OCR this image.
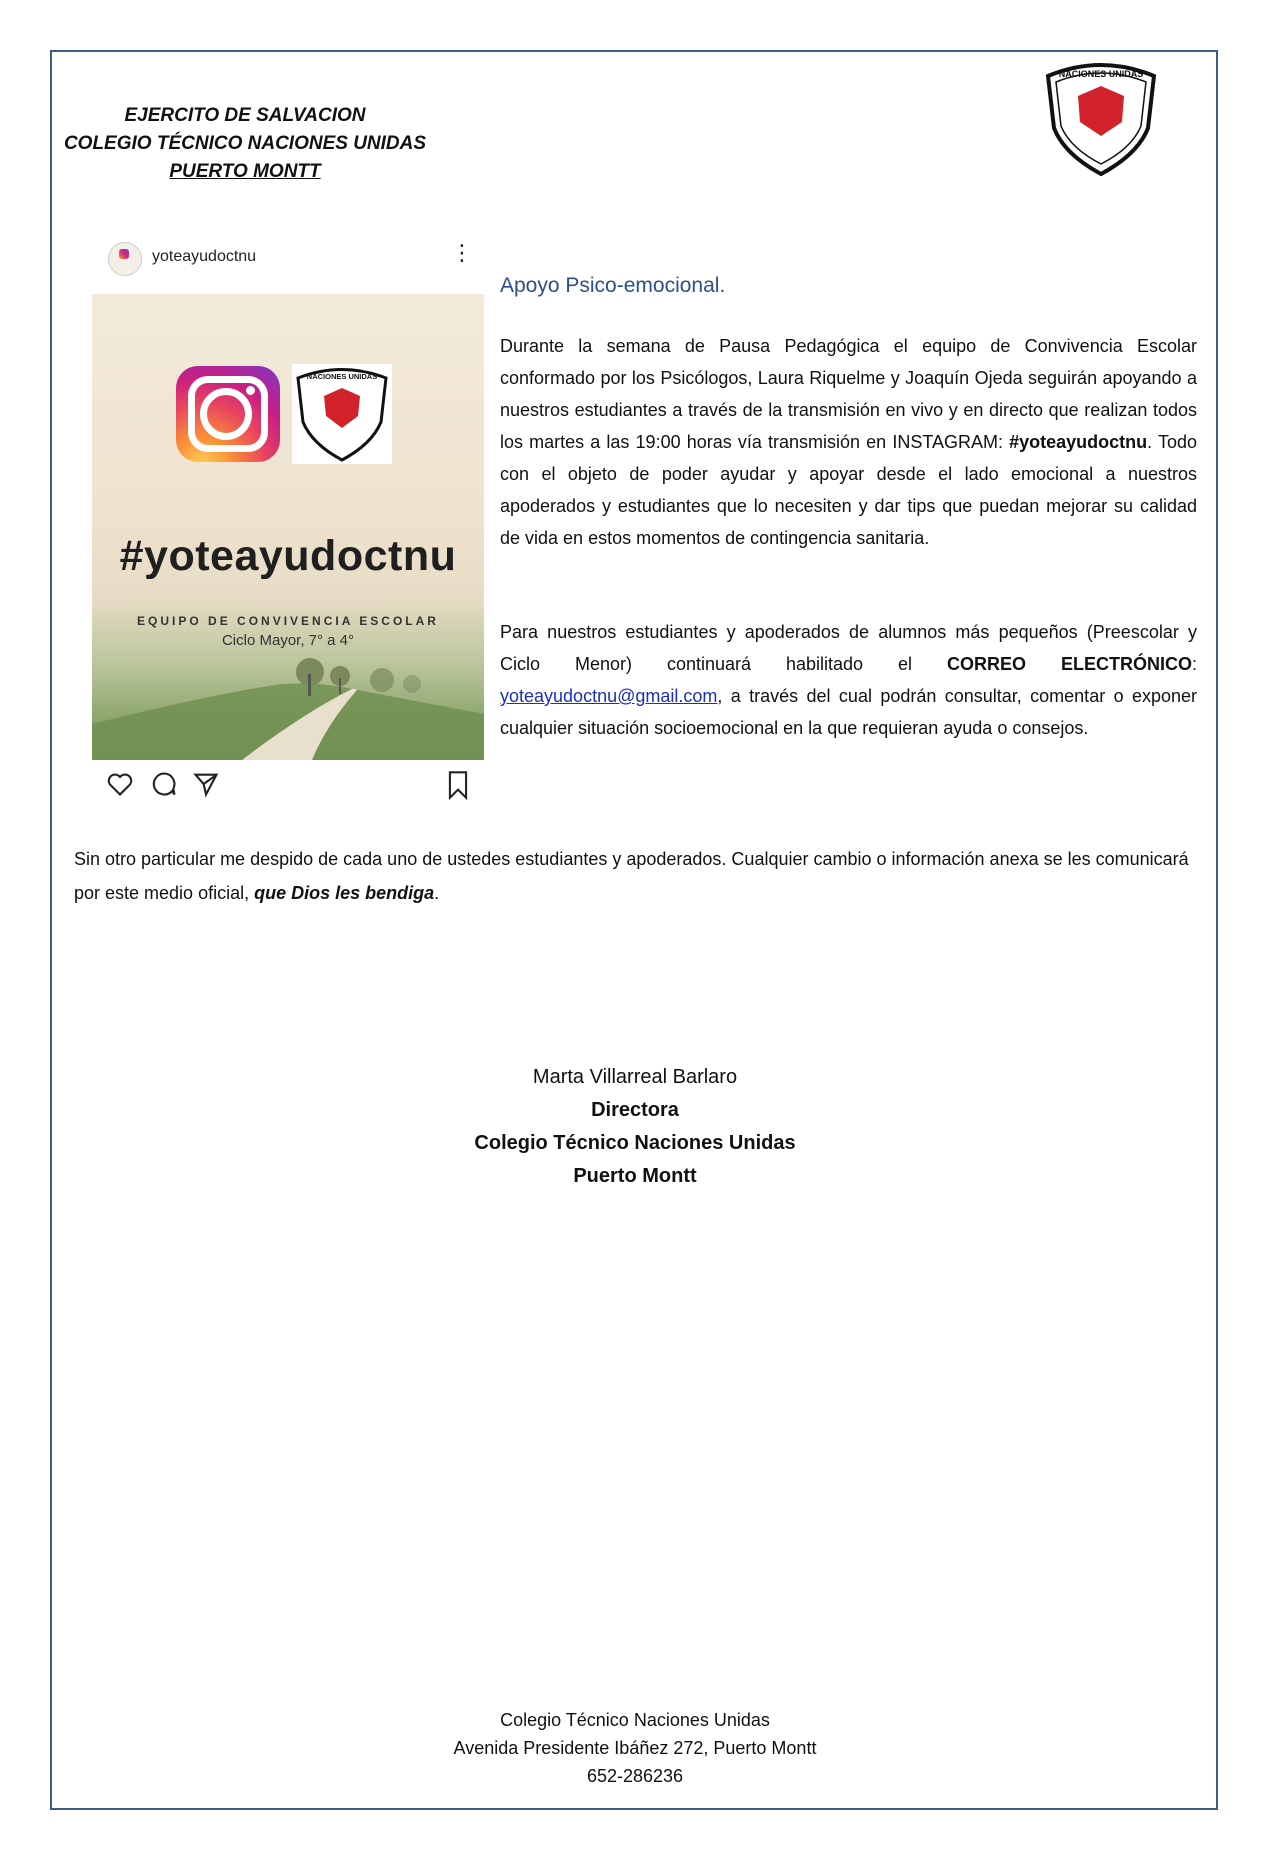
EJERCITO DE SALVACION
COLEGIO TÉCNICO NACIONES UNIDAS
PUERTO MONTT
NACIONES UNIDAS
yoteayudoctnu	⋮
NACIONES UNIDAS
#yoteayudoctnu
EQUIPO DE CONVIVENCIA ESCOLAR
Ciclo Mayor, 7° a 4°
Apoyo Psico-emocional.
Durante la semana de Pausa Pedagógica el equipo de Convivencia Escolar conformado por los Psicólogos, Laura Riquelme y Joaquín Ojeda seguirán apoyando a nuestros estudiantes a través de la transmisión en vivo y en directo que realizan todos los martes a las 19:00 horas vía transmisión en INSTAGRAM: #yoteayudoctnu. Todo con el objeto de poder ayudar y apoyar desde el lado emocional a nuestros apoderados y estudiantes que lo necesiten y dar tips que puedan mejorar su calidad de vida en estos momentos de contingencia sanitaria.
Para nuestros estudiantes y apoderados de alumnos más pequeños (Preescolar y Ciclo Menor) continuará habilitado el CORREO ELECTRÓNICO: yoteayudoctnu@gmail.com, a través del cual podrán consultar, comentar o exponer cualquier situación socioemocional en la que requieran ayuda o consejos.
Sin otro particular me despido de cada uno de ustedes estudiantes y apoderados. Cualquier cambio o información anexa se les comunicará por este medio oficial, que Dios les bendiga.
Marta Villarreal Barlaro
Directora
Colegio Técnico Naciones Unidas
Puerto Montt
Colegio Técnico Naciones Unidas
Avenida Presidente Ibáñez 272, Puerto Montt
652-286236
